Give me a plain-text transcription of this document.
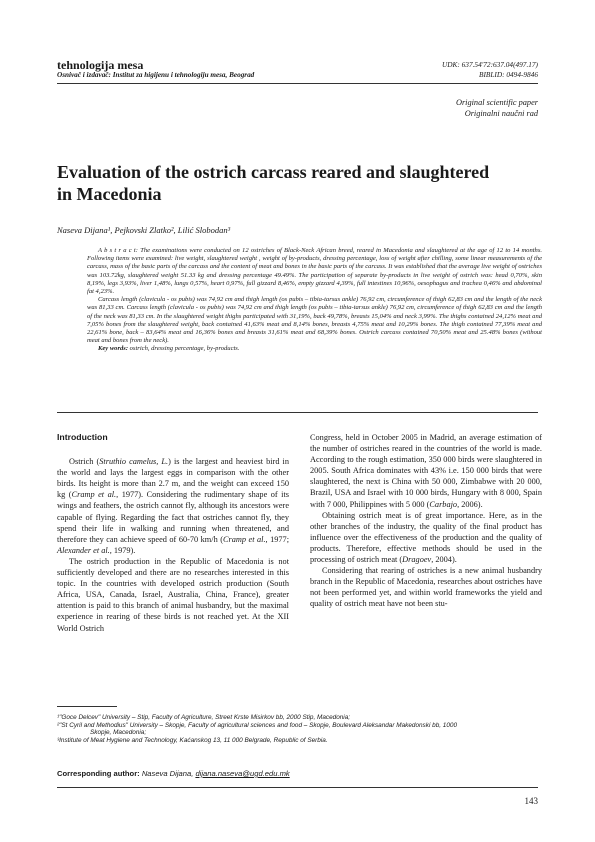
tehnologija mesa
Osnivač i izdavač: Institut za higijenu i tehnologiju mesa, Beograd
UDK: 637.54'72:637.04(497.17)
BIBLID: 0494-9846
Original scientific paper
Originalni naučni rad
Evaluation of the ostrich carcass reared and slaughtered
in Macedonia
Naseva Dijana¹, Pejkovski Zlatko², Lilić Slobodan³

A b s t r a c t: The examinations were conducted on 12 ostriches of Black-Neck African breed, reared in Macedonia and slaughtered at the age of 12 to 14 months. Following items were examined: live weight, slaughtered weight , weight of by-products, dressing percentage, loss of weight after chilling, some linear measurements of the carcass, mass of the basic parts of the carcass and the content of meat and bones in the basic parts of the carcass. It was established that the average live weight of ostriches was 103.72kg, slaughtered weight 51.33 kg and dressing percentage 49.49%. The participation of separate by-products in live weight of ostrich was: head 0,70%, skin 8,19%, legs 3,93%, liver 1,48%, lungs 0,57%, heart 0,97%, full gizzard 8,46%, empty gizzard 4,39%, full intestines 10,96%, oesophagus and trachea 0,46% and abdominal fat 4,23%.

Carcass length (clavicula - os pubis) was 74,92 cm and thigh length (os pubis – tibia-tarsus ankle) 76,92 cm, circumference of thigh 62,83 cm and the length of the neck was 81,33 cm. Carcass length (clavicula - os pubis) was 74,92 cm and thigh length (os pubis – tibia-tarsus ankle) 76,92 cm, circumference of thigh 62,83 cm and the length of the neck was 81,33 cm. In the slaughtered weight thighs participated with 31,19%, back 49,78%, breasts 15,04% and neck 3,99%. The thighs contained 24,12% meat and 7,05% bones from the slaughtered weight, back contained 41,63% meat and 8,14% bones, breasts 4,75% meat and 10,29% bones. The thigh contained 77,39% meat and 22,61% bone, back – 83,64% meat and 16,36% bones and breasts 31,61% meat and 68,39% bones. Ostrich carcass contained 70,50% meat and 25.48% bones (without meat and bones from the neck).

Key words: ostrich, dressing percentage, by-products.

Introduction

Ostrich (Struthio camelus, L.) is the largest and heaviest bird in the world and lays the largest eggs in comparison with the other birds. Its height is more than 2.7 m, and the weight can exceed 150 kg (Cramp et al., 1977). Considering the rudimentary shape of its wings and feathers, the ostrich cannot fly, although its ancestors were capable of flying. Regarding the fact that ostriches cannot fly, they spend their life in walking and running when threatened, and therefore they can achieve speed of 60-70 km/h (Cramp et al., 1977; Alexander et al., 1979).

The ostrich production in the Republic of Macedonia is not sufficiently developed and there are no researches interested in this topic. In the countries with developed ostrich production (South Africa, USA, Canada, Israel, Australia, China, France), greater attention is paid to this branch of animal husbandry, but the maximal experience in rearing of these birds is not reached yet. At the XII World Ostrich

Congress, held in October 2005 in Madrid, an average estimation of the number of ostriches reared in the countries of the world is made. According to the rough estimation, 350 000 birds were slaughtered in 2005. South Africa dominates with 43% i.e. 150 000 birds that were slaughtered, the next is China with 50 000, Zimbabwe with 20 000, Brazil, USA and Israel with 10 000 birds, Hungary with 8 000, Spain with 7 000, Philippines with 5 000 (Carbajo, 2006).

Obtaining ostrich meat is of great importance. Here, as in the other branches of the industry, the quality of the final product has influence over the effectiveness of the production and the quality of products. Therefore, effective methods should be used in the processing of ostrich meat (Dragoev, 2004).

Considering that rearing of ostriches is a new animal husbandry branch in the Republic of Macedonia, researches about ostriches have not been performed yet, and within world frameworks the yield and quality of ostrich meat have not been stu-

¹"Goce Delcev" University – Stip, Faculty of Agriculture, Street Krste Misirkov bb, 2000 Stip, Macedonia;
²"St Cyril and Methodius" University – Skopje, Faculty of agricultural sciences and food – Skopje, Boulevard Aleksandar Makedonski bb, 1000
Skopje, Macedonia;
³Institute of Meat Hygiene and Technology, Kaćanskog 13, 11 000 Belgrade, Republic of Serbia.
Corresponding author: Naseva Dijana, dijana.naseva@ugd.edu.mk
143
